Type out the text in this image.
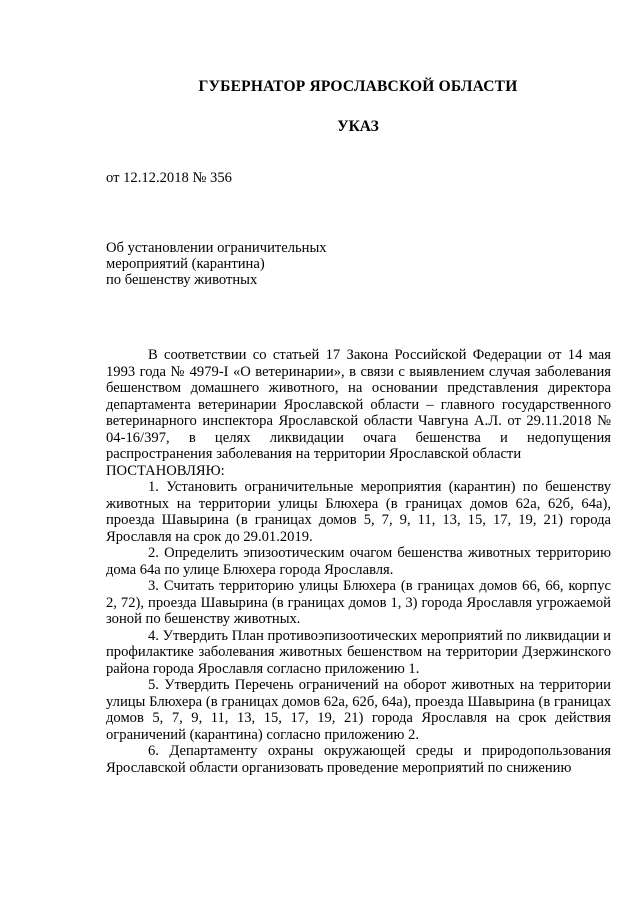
ГУБЕРНАТОР ЯРОСЛАВСКОЙ ОБЛАСТИ
УКАЗ
от 12.12.2018 № 356
Об установлении ограничительных
мероприятий (карантина)
по бешенству животных

В соответствии со статьей 17 Закона Российской Федерации от 14 мая 1993 года № 4979-I «О ветеринарии», в связи с выявлением случая заболевания бешенством домашнего животного, на основании представления директора департамента ветеринарии Ярославской области – главного государственного ветеринарного инспектора Ярославской области Чавгуна А.Л. от 29.11.2018 № 04-16/397, в целях ликвидации очага бешенства и недопущения распространения заболевания на территории Ярославской области

ПОСТАНОВЛЯЮ:

1. Установить ограничительные мероприятия (карантин) по бешенству животных на территории улицы Блюхера (в границах домов 62а, 62б, 64а), проезда Шавырина (в границах домов 5, 7, 9, 11, 13, 15, 17, 19, 21) города Ярославля на срок до 29.01.2019.

2. Определить эпизоотическим очагом бешенства животных территорию дома 64а по улице Блюхера города Ярославля.

3. Считать территорию улицы Блюхера (в границах домов 66, 66, корпус 2, 72), проезда Шавырина (в границах домов 1, 3) города Ярославля угрожаемой зоной по бешенству животных.

4. Утвердить План противоэпизоотических мероприятий по ликвидации и профилактике заболевания животных бешенством на территории Дзержинского района города Ярославля согласно приложению 1.

5. Утвердить Перечень ограничений на оборот животных на территории улицы Блюхера (в границах домов 62а, 62б, 64а), проезда Шавырина (в границах домов 5, 7, 9, 11, 13, 15, 17, 19, 21) города Ярославля на срок действия ограничений (карантина) согласно приложению 2.

6. Департаменту охраны окружающей среды и природопользования Ярославской области организовать проведение мероприятий по снижению
